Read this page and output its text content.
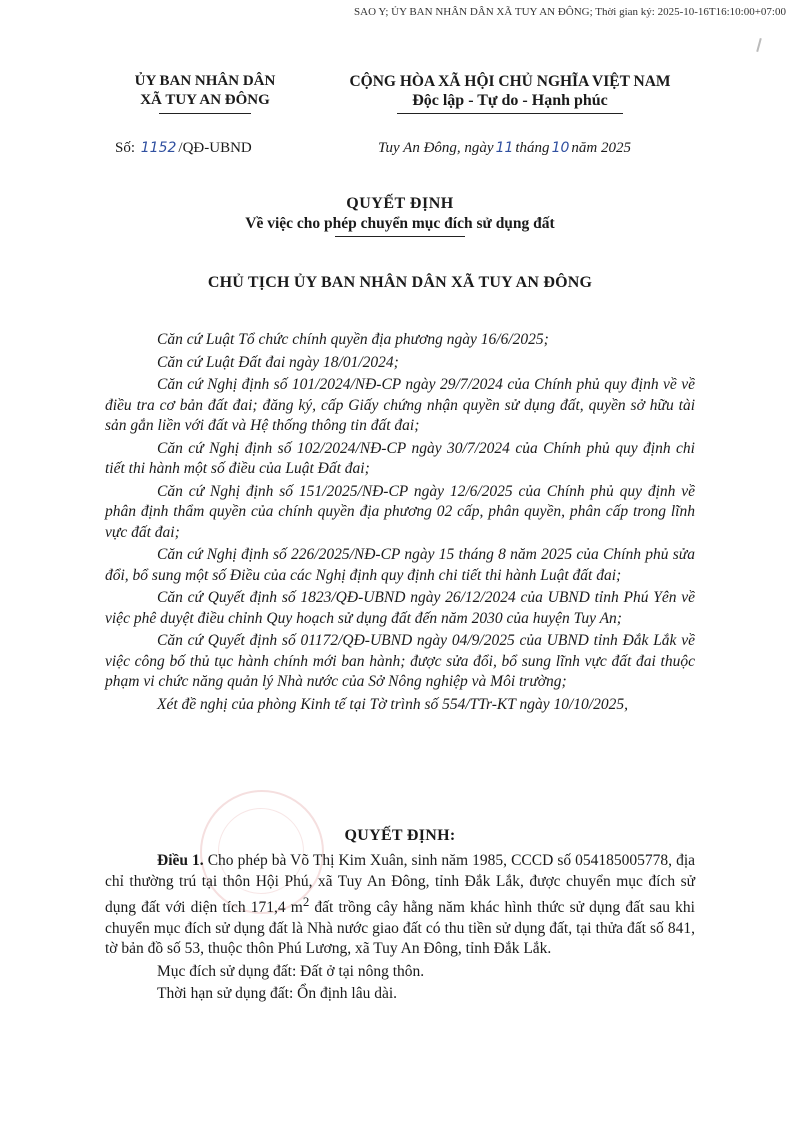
SAO Y; ỦY BAN NHÂN DÂN XÃ TUY AN ĐÔNG; Thời gian ký: 2025-10-16T16:10:00+07:00
ỦY BAN NHÂN DÂN
XÃ TUY AN ĐÔNG
CỘNG HÒA XÃ HỘI CHỦ NGHĨA VIỆT NAM
Độc lập - Tự do - Hạnh phúc
Số: 1152 /QĐ-UBND	Tuy An Đông, ngày 11 tháng 10 năm 2025
QUYẾT ĐỊNH
Về việc cho phép chuyển mục đích sử dụng đất
CHỦ TỊCH ỦY BAN NHÂN DÂN XÃ TUY AN ĐÔNG

Căn cứ Luật Tổ chức chính quyền địa phương ngày 16/6/2025;

Căn cứ Luật Đất đai ngày 18/01/2024;

Căn cứ Nghị định số 101/2024/NĐ-CP ngày 29/7/2024 của Chính phủ quy định về về điều tra cơ bản đất đai; đăng ký, cấp Giấy chứng nhận quyền sử dụng đất, quyền sở hữu tài sản gắn liền với đất và Hệ thống thông tin đất đai;

Căn cứ Nghị định số 102/2024/NĐ-CP ngày 30/7/2024 của Chính phủ quy định chi tiết thi hành một số điều của Luật Đất đai;

Căn cứ Nghị định số 151/2025/NĐ-CP ngày 12/6/2025 của Chính phủ quy định về phân định thẩm quyền của chính quyền địa phương 02 cấp, phân quyền, phân cấp trong lĩnh vực đất đai;

Căn cứ Nghị định số 226/2025/NĐ-CP ngày 15 tháng 8 năm 2025 của Chính phủ sửa đổi, bổ sung một số Điều của các Nghị định quy định chi tiết thi hành Luật đất đai;

Căn cứ Quyết định số 1823/QĐ-UBND ngày 26/12/2024 của UBND tỉnh Phú Yên về việc phê duyệt điều chỉnh Quy hoạch sử dụng đất đến năm 2030 của huyện Tuy An;

Căn cứ Quyết định số 01172/QĐ-UBND ngày 04/9/2025 của UBND tỉnh Đắk Lắk về việc công bố thủ tục hành chính mới ban hành; được sửa đổi, bổ sung lĩnh vực đất đai thuộc phạm vi chức năng quản lý Nhà nước của Sở Nông nghiệp và Môi trường;

Xét đề nghị của phòng Kinh tế tại Tờ trình số 554/TTr-KT ngày 10/10/2025,

QUYẾT ĐỊNH:

Điều 1. Cho phép bà Võ Thị Kim Xuân, sinh năm 1985, CCCD số 054185005778, địa chỉ thường trú tại thôn Hội Phú, xã Tuy An Đông, tỉnh Đắk Lắk, được chuyển mục đích sử dụng đất với diện tích 171,4 $m^2$ đất trồng cây hằng năm khác hình thức sử dụng đất sau khi chuyển mục đích sử dụng đất là Nhà nước giao đất có thu tiền sử dụng đất, tại thửa đất số 841, tờ bản đồ số 53, thuộc thôn Phú Lương, xã Tuy An Đông, tỉnh Đắk Lắk.

Mục đích sử dụng đất: Đất ở tại nông thôn.

Thời hạn sử dụng đất: Ổn định lâu dài.
